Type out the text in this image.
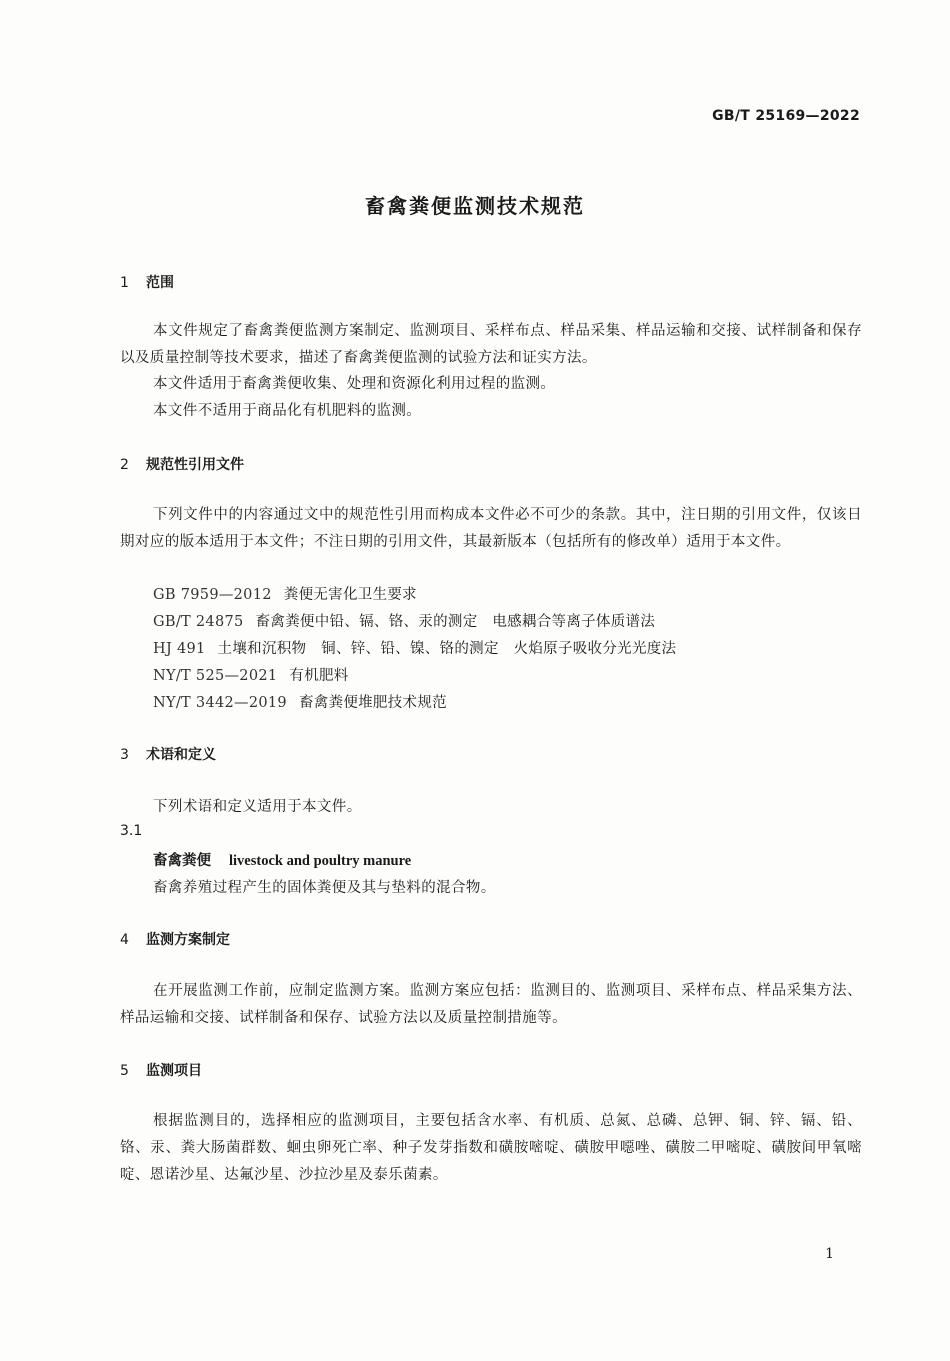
GB/T 25169—2022
畜禽粪便监测技术规范
1 范围
本文件规定了畜禽粪便监测方案制定、监测项目、采样布点、样品采集、样品运输和交接、试样制备和保存以及质量控制等技术要求，描述了畜禽粪便监测的试验方法和证实方法。
本文件适用于畜禽粪便收集、处理和资源化利用过程的监测。
本文件不适用于商品化有机肥料的监测。
2 规范性引用文件
下列文件中的内容通过文中的规范性引用而构成本文件必不可少的条款。其中，注日期的引用文件，仅该日期对应的版本适用于本文件；不注日期的引用文件，其最新版本（包括所有的修改单）适用于本文件。
GB 7959—2012 粪便无害化卫生要求
GB/T 24875 畜禽粪便中铅、镉、铬、汞的测定　电感耦合等离子体质谱法
HJ 491 土壤和沉积物　铜、锌、铅、镍、铬的测定　火焰原子吸收分光光度法
NY/T 525—2021 有机肥料
NY/T 3442—2019 畜禽粪便堆肥技术规范
3 术语和定义
下列术语和定义适用于本文件。
3.1
畜禽粪便 livestock and poultry manure
畜禽养殖过程产生的固体粪便及其与垫料的混合物。
4 监测方案制定
在开展监测工作前，应制定监测方案。监测方案应包括：监测目的、监测项目、采样布点、样品采集方法、样品运输和交接、试样制备和保存、试验方法以及质量控制措施等。
5 监测项目
根据监测目的，选择相应的监测项目，主要包括含水率、有机质、总氮、总磷、总钾、铜、锌、镉、铅、铬、汞、粪大肠菌群数、蛔虫卵死亡率、种子发芽指数和磺胺嘧啶、磺胺甲噁唑、磺胺二甲嘧啶、磺胺间甲氧嘧啶、恩诺沙星、达氟沙星、沙拉沙星及泰乐菌素。
1
